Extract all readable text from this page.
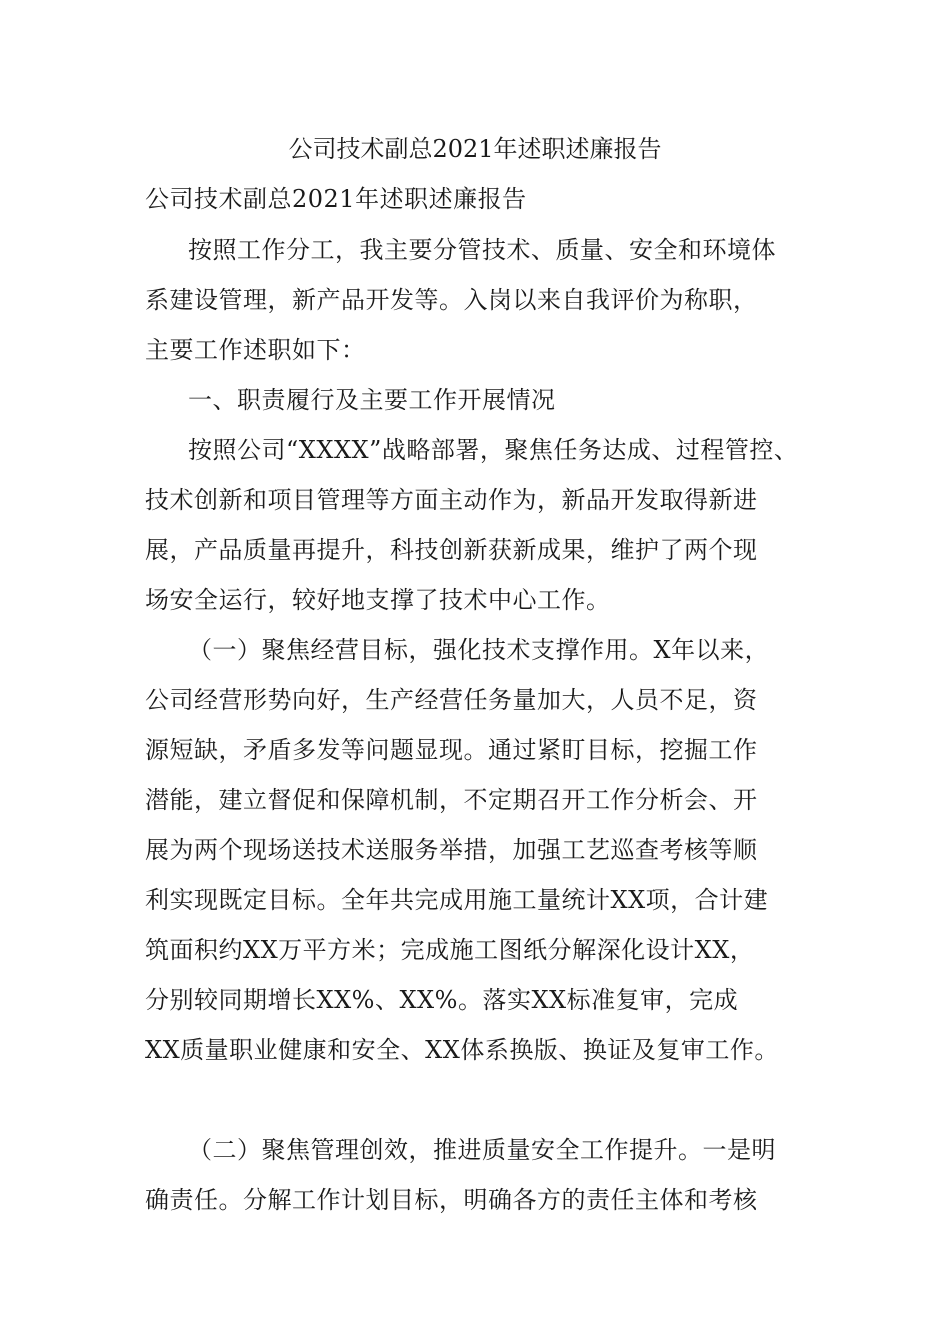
公司技术副总2021年述职述廉报告
公司技术副总2021年述职述廉报告
按照工作分工，我主要分管技术、质量、安全和环境体
系建设管理，新产品开发等。入岗以来自我评价为称职，
主要工作述职如下：
一、职责履行及主要工作开展情况
按照公司“XXXX”战略部署，聚焦任务达成、过程管控、
技术创新和项目管理等方面主动作为，新品开发取得新进
展，产品质量再提升，科技创新获新成果，维护了两个现
场安全运行，较好地支撑了技术中心工作。
（一）聚焦经营目标，强化技术支撑作用。X年以来，
公司经营形势向好，生产经营任务量加大，人员不足，资
源短缺，矛盾多发等问题显现。通过紧盯目标，挖掘工作
潜能，建立督促和保障机制，不定期召开工作分析会、开
展为两个现场送技术送服务举措，加强工艺巡查考核等顺
利实现既定目标。全年共完成用施工量统计XX项，合计建
筑面积约XX万平方米；完成施工图纸分解深化设计XX，
分别较同期增长XX%、XX%。落实XX标准复审，完成
XX质量职业健康和安全、XX体系换版、换证及复审工作。
（二）聚焦管理创效，推进质量安全工作提升。一是明
确责任。分解工作计划目标，明确各方的责任主体和考核
